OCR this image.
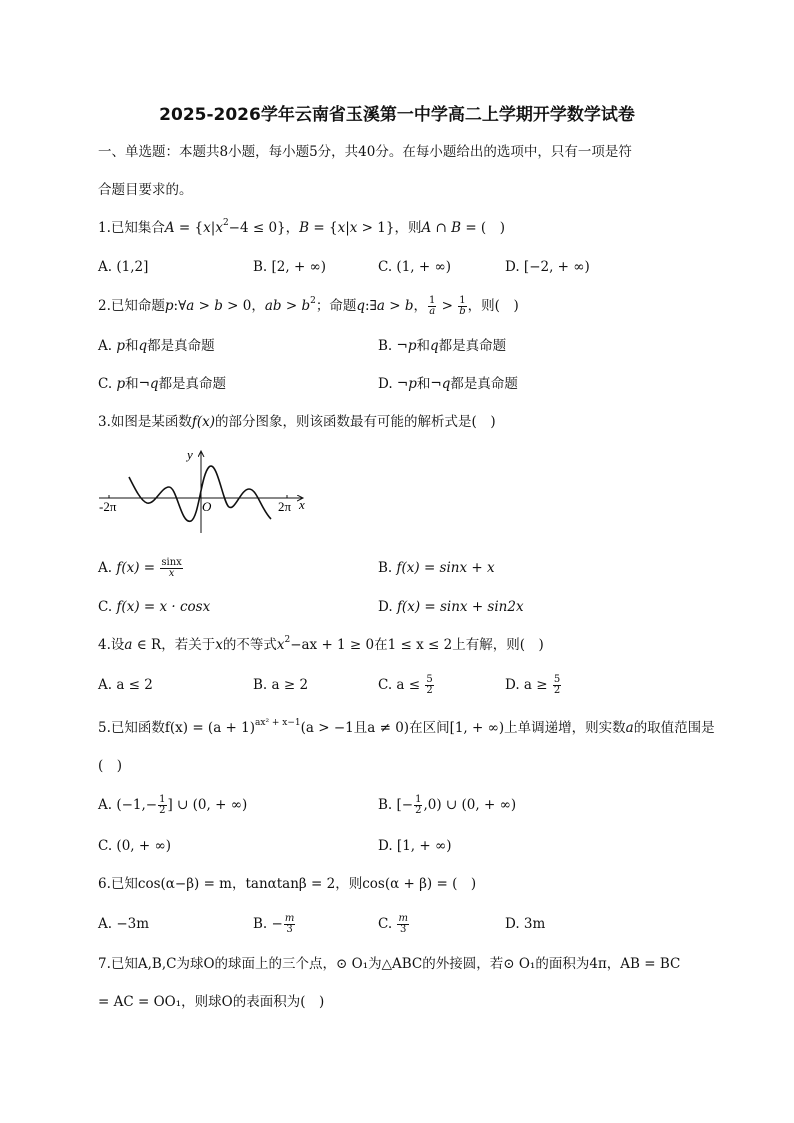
2025-2026学年云南省玉溪第一中学高二上学期开学数学试卷
一、单选题：本题共8小题，每小题5分，共40分。在每小题给出的选项中，只有一项是符
合题目要求的。
1.已知集合$A = \{x|x^2-4 \le 0\}$，B = {x|x > 1}，则A ∩ B = (　)
A. (1,2]	B. [2, + ∞)	C. (1, + ∞)	D. [−2, + ∞)
2.已知命题p:∀a > b > 0，ab > $b^2$；命题q:∃a > b， $\frac{1}{a} > \frac{1}{b}$ ，则(　)
A. p和q都是真命题	B. ¬p和q都是真命题
C. p和¬q都是真命题	D. ¬p和¬q都是真命题
3.如图是某函数f(x)的部分图象，则该函数最有可能的解析式是(　)
y
x
O
-2π	2π
A. $f(x) = \frac{\sin x}{x}$	B. f(x) = sinx + x
C. f(x) = x · cosx	D. f(x) = sinx + sin2x
4.设a ∈ R，若关于x的不等式$x^2-ax + 1 \ge 0$在1 ≤ x ≤ 2上有解，则(　)
A. a ≤ 2	B. a ≥ 2	C. $a \le \frac{5}{2}$	D. $a \ge \frac{5}{2}$
5.已知函数$f(x) = (a + 1)^{ax^2 + x-1}(a > -1$且a ≠ 0)在区间[1, + ∞)上单调递增，则实数a的取值范围是
(　)
A. ($-1,- \frac{1}{2}$ ] ∪ (0, + ∞)	B. [− $\frac{1}{2} ,0$) ∪ (0, + ∞)
C. (0, + ∞)	D. [1, + ∞)
6.已知cos(α−β) = m，tanαtanβ = 2，则cos(α + β) = (　)
A. −3m	B. − $\frac{m}{3}$	C. $\frac{m}{3}$	D. 3m
7.已知A,B,C为球O的球面上的三个点，⊙ O₁为△ABC的外接圆，若⊙ O₁的面积为4π，AB = BC
= AC = OO₁，则球O的表面积为(　)
